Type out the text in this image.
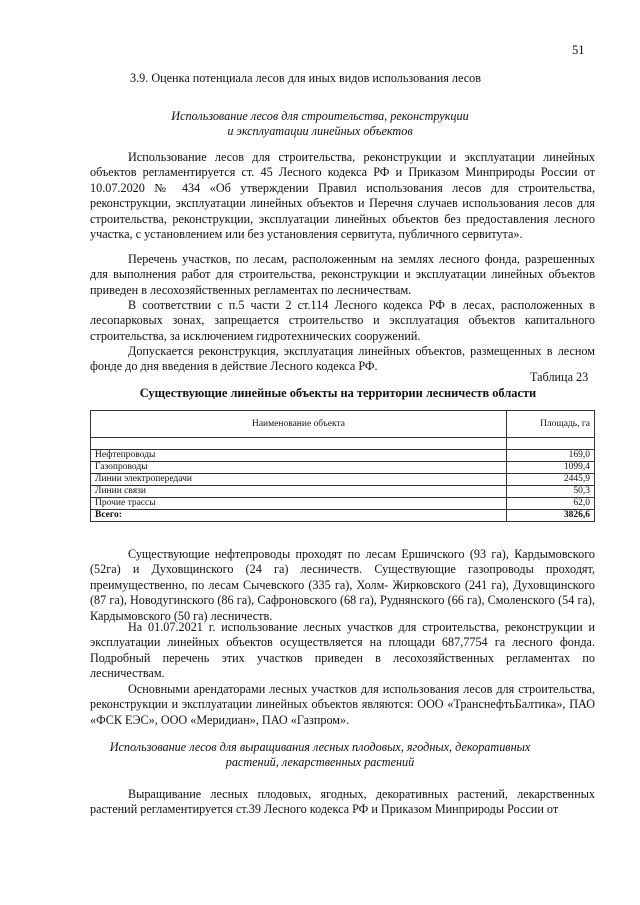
51
3.9. Оценка потенциала лесов для иных видов использования лесов
Использование лесов для строительства, реконструкции
и эксплуатации линейных объектов

Использование лесов для строительства, реконструкции и эксплуатации линейных объектов регламентируется ст. 45 Лесного кодекса РФ и Приказом Минприроды России от 10.07.2020 № 434 «Об утверждении Правил использования лесов для строительства, реконструкции, эксплуатации линейных объектов и Перечня случаев использования лесов для строительства, реконструкции, эксплуатации линейных объектов без предоставления лесного участка, с установлением или без установления сервитута, публичного сервитута».

Перечень участков, по лесам, расположенным на землях лесного фонда, разрешенных для выполнения работ для строительства, реконструкции и эксплуатации линейных объектов приведен в лесохозяйственных регламентах по лесничествам.

В соответствии с п.5 части 2 ст.114 Лесного кодекса РФ в лесах, расположенных в лесопарковых зонах, запрещается строительство и эксплуатация объектов капитального строительства, за исключением гидротехнических сооружений.

Допускается реконструкция, эксплуатация линейных объектов, размещенных в лесном фонде до дня введения в действие Лесного кодекса РФ.

Таблица 23
Существующие линейные объекты на территории лесничеств области
Наименование объекта	Площадь, га

Нефтепроводы	169,0
Газопроводы	1099,4
Линии электропередачи	2445,9
Линии связи	50,3
Прочие трассы	62,0
Всего:	3826,6

Существующие нефтепроводы проходят по лесам Ершичского (93 га), Кардымовского (52га) и Духовщинского (24 га) лесничеств. Существующие газопроводы проходят, преимущественно, по лесам Сычевского (335 га), Холм- Жирковского (241 га), Духовщинского (87 га), Новодугинского (86 га), Сафроновского (68 га), Руднянского (66 га), Смоленского (54 га), Кардымовского (50 га) лесничеств.

На 01.07.2021 г. использование лесных участков для строительства, реконструкции и эксплуатации линейных объектов осуществляется на площади 687,7754 га лесного фонда. Подробный перечень этих участков приведен в лесохозяйственных регламентах по лесничествам.

Основными арендаторами лесных участков для использования лесов для строительства, реконструкции и эксплуатации линейных объектов являются: ООО «ТранснефтьБалтика», ПАО «ФСК ЕЭС», ООО «Меридиан», ПАО «Газпром».

Использование лесов для выращивания лесных плодовых, ягодных, декоративных
растений, лекарственных растений

Выращивание лесных плодовых, ягодных, декоративных растений, лекарственных растений регламентируется ст.39 Лесного кодекса РФ и Приказом Минприроды России от
